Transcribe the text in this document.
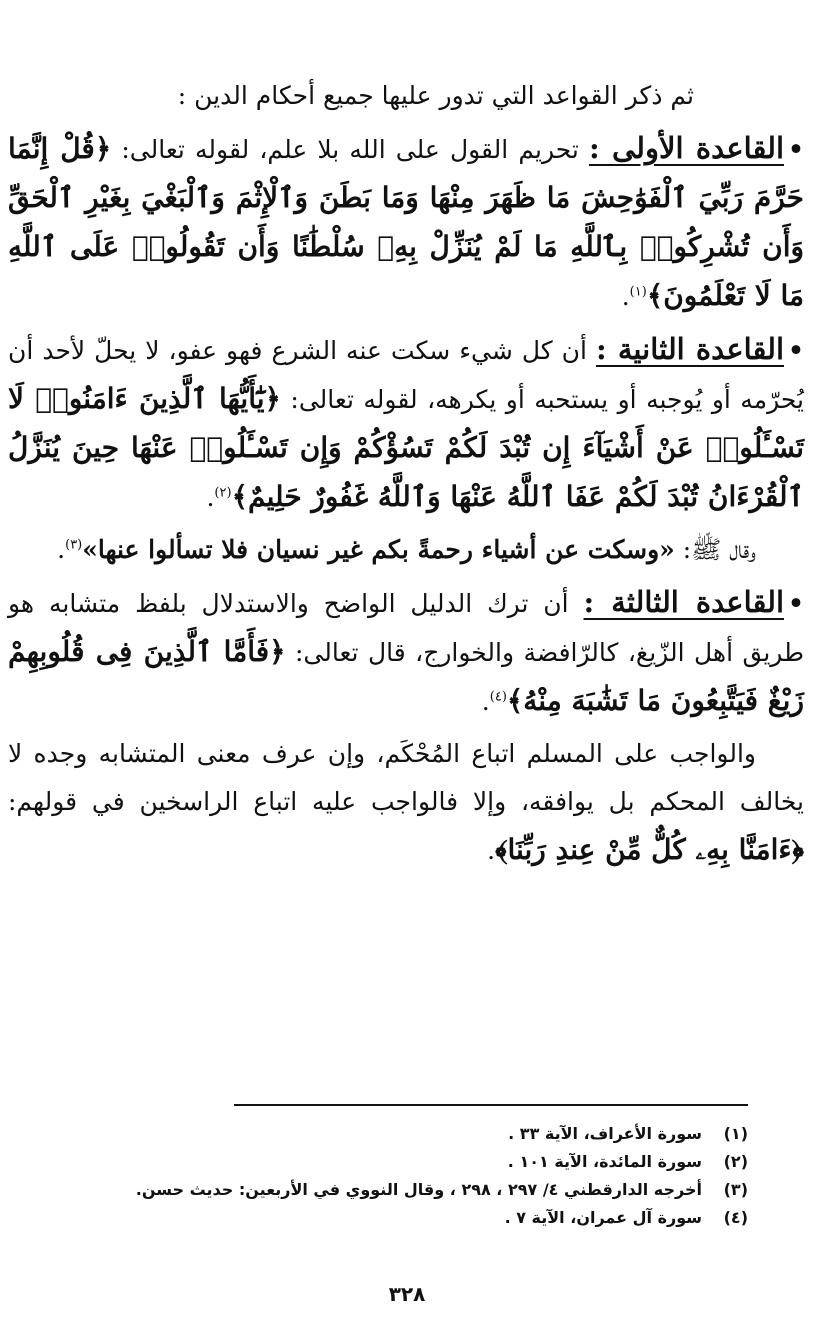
ثم ذكر القواعد التي تدور عليها جميع أحكام الدين :

•القاعدة الأولى : تحريم القول على الله بلا علم، لقوله تعالى: ﴿قُلْ إِنَّمَا حَرَّمَ رَبِّيَ ٱلْفَوَٰحِشَ مَا ظَهَرَ مِنْهَا وَمَا بَطَنَ وَٱلْإِثْمَ وَٱلْبَغْيَ بِغَيْرِ ٱلْحَقِّ وَأَن تُشْرِكُوا۟ بِٱللَّهِ مَا لَمْ يُنَزِّلْ بِهِۦ سُلْطَٰنًا وَأَن تَقُولُوا۟ عَلَى ٱللَّهِ مَا لَا تَعْلَمُونَ﴾$^{(١)}$.

•القاعدة الثانية : أن كل شيء سكت عنه الشرع فهو عفو، لا يحلّ لأحد أن يُحرّمه أو يُوجبه أو يستحبه أو يكرهه، لقوله تعالى: ﴿يَٰٓأَيُّهَا ٱلَّذِينَ ءَامَنُوا۟ لَا تَسْـَٔلُوا۟ عَنْ أَشْيَآءَ إِن تُبْدَ لَكُمْ تَسُؤْكُمْ وَإِن تَسْـَٔلُوا۟ عَنْهَا حِينَ يُنَزَّلُ ٱلْقُرْءَانُ تُبْدَ لَكُمْ عَفَا ٱللَّهُ عَنْهَا وَٱللَّهُ غَفُورٌ حَلِيمٌ﴾$^{(٢)}$.

وقال ﷺ: «وسكت عن أشياء رحمةً بكم غير نسيان فلا تسألوا عنها»$^{(٣)}$.

•القاعدة الثالثة : أن ترك الدليل الواضح والاستدلال بلفظ متشابه هو طريق أهل الزّيغ، كالرّافضة والخوارج، قال تعالى: ﴿فَأَمَّا ٱلَّذِينَ فِى قُلُوبِهِمْ زَيْغٌ فَيَتَّبِعُونَ مَا تَشَٰبَهَ مِنْهُ﴾$^{(٤)}$.

والواجب على المسلم اتباع المُحْكَم، وإن عرف معنى المتشابه وجده لا يخالف المحكم بل يوافقه، وإلا فالواجب عليه اتباع الراسخين في قولهم: ﴿ءَامَنَّا بِهِۦ كُلٌّ مِّنْ عِندِ رَبِّنَا﴾.

(١)
سورة الأعراف، الآية ٣٣ .
(٢)
سورة المائدة، الآية ١٠١ .
(٣)
أخرجه الدارقطني ٤/ ٢٩٧ ، ٢٩٨ ، وقال النووي في الأربعين: حديث حسن.
(٤)
سورة آل عمران، الآية ٧ .
٣٢٨
